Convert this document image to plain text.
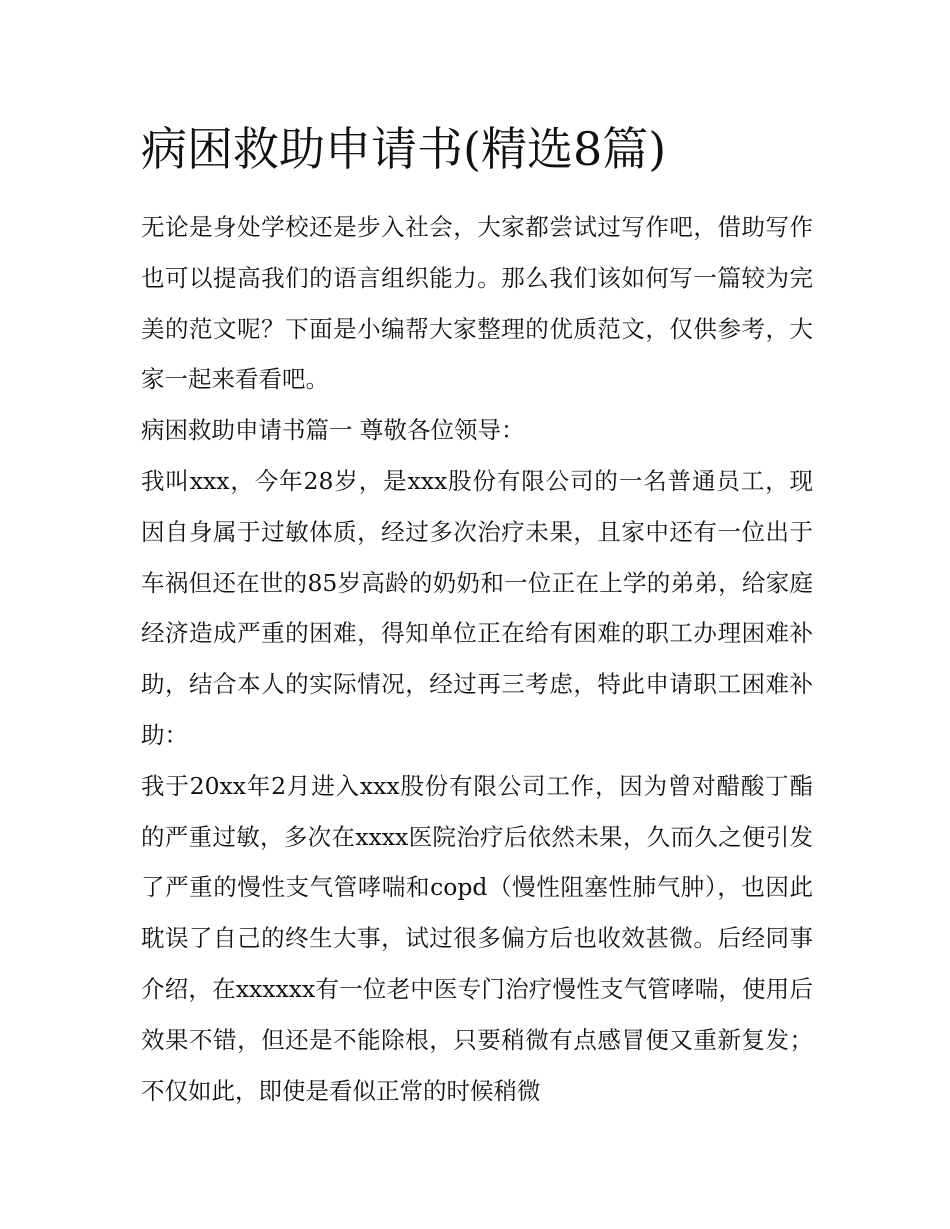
病困救助申请书(精选8篇)

无论是身处学校还是步入社会，大家都尝试过写作吧，借助写作也可以提高我们的语言组织能力。那么我们该如何写一篇较为完美的范文呢？下面是小编帮大家整理的优质范文，仅供参考，大家一起来看看吧。

病困救助申请书篇一 尊敬各位领导：

我叫xxx，今年28岁，是xxx股份有限公司的一名普通员工，现因自身属于过敏体质，经过多次治疗未果，且家中还有一位出于车祸但还在世的85岁高龄的奶奶和一位正在上学的弟弟，给家庭经济造成严重的困难，得知单位正在给有困难的职工办理困难补助，结合本人的实际情况，经过再三考虑，特此申请职工困难补助：

我于20xx年2月进入xxx股份有限公司工作，因为曾对醋酸丁酯的严重过敏，多次在xxxx医院治疗后依然未果，久而久之便引发了严重的慢性支气管哮喘和copd（慢性阻塞性肺气肿），也因此耽误了自己的终生大事，试过很多偏方后也收效甚微。后经同事介绍，在xxxxxx有一位老中医专门治疗慢性支气管哮喘，使用后效果不错，但还是不能除根，只要稍微有点感冒便又重新复发；不仅如此，即使是看似正常的时候稍微
